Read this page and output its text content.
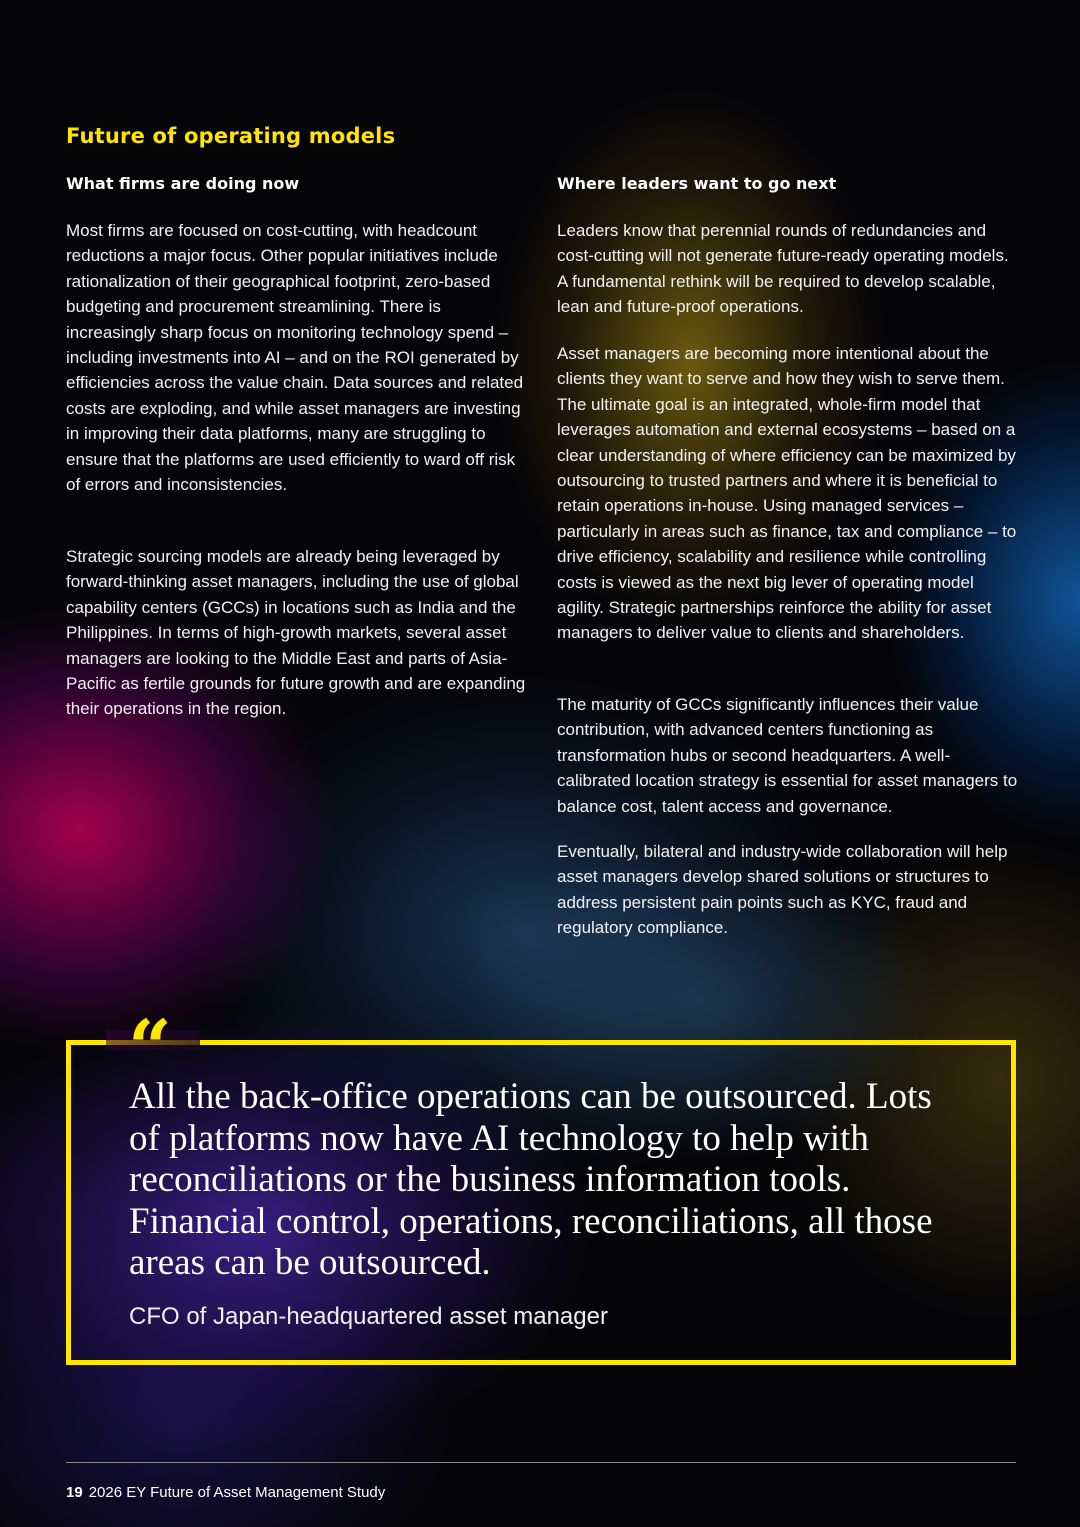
Future of operating models
What firms are doing now	Where leaders want to go next

Most firms are focused on cost-cutting, with headcount reductions a major focus. Other popular initiatives include rationalization of their geographical footprint, zero-based budgeting and procurement streamlining. There is increasingly sharp focus on monitoring technology spend – including investments into AI – and on the ROI generated by efficiencies across the value chain. Data sources and related costs are exploding, and while asset managers are investing in improving their data platforms, many are struggling to ensure that the platforms are used efficiently to ward off risk of errors and inconsistencies.

Strategic sourcing models are already being leveraged by forward-thinking asset managers, including the use of global capability centers (GCCs) in locations such as India and the Philippines. In terms of high-growth markets, several asset managers are looking to the Middle East and parts of Asia-Pacific as fertile grounds for future growth and are expanding their operations in the region.

Leaders know that perennial rounds of redundancies and cost-cutting will not generate future-ready operating models. A fundamental rethink will be required to develop scalable, lean and future-proof operations.

Asset managers are becoming more intentional about the clients they want to serve and how they wish to serve them. The ultimate goal is an integrated, whole-firm model that leverages automation and external ecosystems – based on a clear understanding of where efficiency can be maximized by outsourcing to trusted partners and where it is beneficial to retain operations in-house. Using managed services – particularly in areas such as finance, tax and compliance – to drive efficiency, scalability and resilience while controlling costs is viewed as the next big lever of operating model agility. Strategic partnerships reinforce the ability for asset managers to deliver value to clients and shareholders.

The maturity of GCCs significantly influences their value contribution, with advanced centers functioning as transformation hubs or second headquarters. A well-calibrated location strategy is essential for asset managers to balance cost, talent access and governance.

Eventually, bilateral and industry-wide collaboration will help asset managers develop shared solutions or structures to address persistent pain points such as KYC, fraud and regulatory compliance.

“
All the back-office operations can be outsourced. Lots of platforms now have AI technology to help with reconciliations or the business information tools. Financial control, operations, reconciliations, all those areas can be outsourced.
CFO of Japan-headquartered asset manager
19 2026 EY Future of Asset Management Study
